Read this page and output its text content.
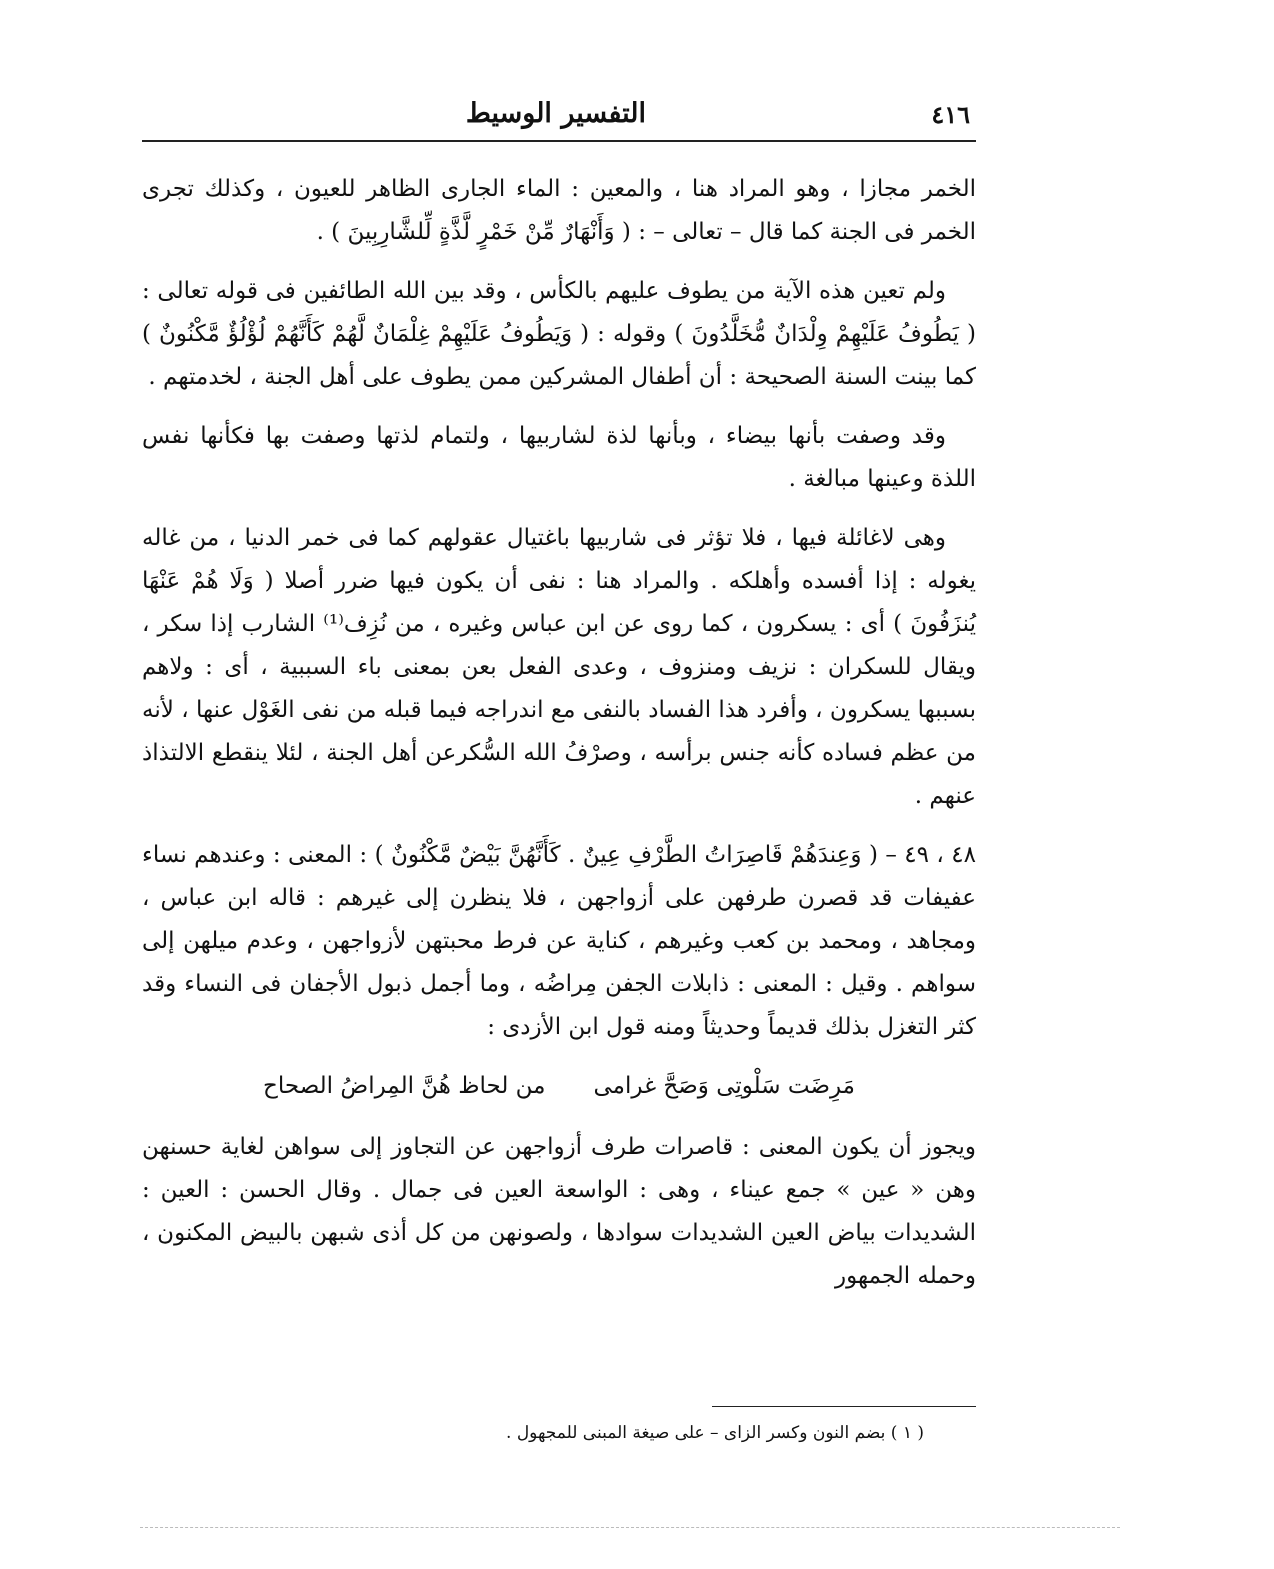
٤١٦
التفسير الوسيط

الخمر مجازا ، وهو المراد هنا ، والمعين : الماء الجارى الظاهر للعيون ، وكذلك تجرى الخمر فى الجنة كما قال – تعالى – : ( وَأَنْهَارٌ مِّنْ خَمْرٍ لَّذَّةٍ لِّلشَّارِبِينَ ) .

ولم تعين هذه الآية من يطوف عليهم بالكأس ، وقد بين الله الطائفين فى قوله تعالى : ( يَطُوفُ عَلَيْهِمْ وِلْدَانٌ مُّخَلَّدُونَ ) وقوله : ( وَيَطُوفُ عَلَيْهِمْ غِلْمَانٌ لَّهُمْ كَأَنَّهُمْ لُؤْلُؤٌ مَّكْنُونٌ ) كما بينت السنة الصحيحة : أن أطفال المشركين ممن يطوف على أهل الجنة ، لخدمتهم .

وقد وصفت بأنها بيضاء ، وبأنها لذة لشاربيها ، ولتمام لذتها وصفت بها فكأنها نفس اللذة وعينها مبالغة .

وهى لاغائلة فيها ، فلا تؤثر فى شاربيها باغتيال عقولهم كما فى خمر الدنيا ، من غاله يغوله : إذا أفسده وأهلكه . والمراد هنا : نفى أن يكون فيها ضرر أصلا ( وَلَا هُمْ عَنْهَا يُنزَفُونَ ) أى : يسكرون ، كما روى عن ابن عباس وغيره ، من نُزِف⁽¹⁾ الشارب إذا سكر ، ويقال للسكران : نزيف ومنزوف ، وعدى الفعل بعن بمعنى باء السببية ، أى : ولاهم بسببها يسكرون ، وأفرد هذا الفساد بالنفى مع اندراجه فيما قبله من نفى الغَوْل عنها ، لأنه من عظم فساده كأنه جنس برأسه ، وصرْفُ الله السُّكرعن أهل الجنة ، لئلا ينقطع الالتذاذ عنهم .

٤٨ ، ٤٩ – ( وَعِندَهُمْ قَاصِرَاتُ الطَّرْفِ عِينٌ . كَأَنَّهُنَّ بَيْضٌ مَّكْنُونٌ ) : المعنى : وعندهم نساء عفيفات قد قصرن طرفهن على أزواجهن ، فلا ينظرن إلى غيرهم : قاله ابن عباس ، ومجاهد ، ومحمد بن كعب وغيرهم ، كناية عن فرط محبتهن لأزواجهن ، وعدم ميلهن إلى سواهم . وقيل : المعنى : ذابلات الجفن مِراضُه ، وما أجمل ذبول الأجفان فى النساء وقد كثر التغزل بذلك قديماً وحديثاً ومنه قول ابن الأزدى :

مَرِضَت سَلْوتِى وَصَحَّ غرامى
من لحاظ هُنَّ المِراضُ الصحاح

ويجوز أن يكون المعنى : قاصرات طرف أزواجهن عن التجاوز إلى سواهن لغاية حسنهن وهن « عين » جمع عيناء ، وهى : الواسعة العين فى جمال . وقال الحسن : العين : الشديدات بياض العين الشديدات سوادها ، ولصونهن من كل أذى شبهن بالبيض المكنون ، وحمله الجمهور

( ١ ) بضم النون وكسر الزاى – على صيغة المبنى للمجهول .
